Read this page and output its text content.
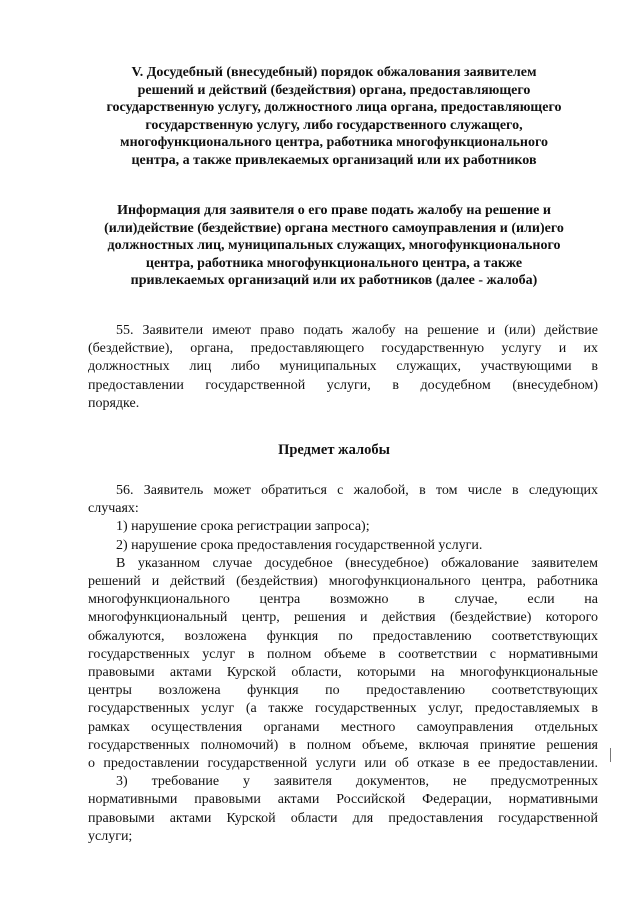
V. Досудебный (внесудебный) порядок обжалования заявителем
решений и действий (бездействия) органа, предоставляющего
государственную услугу, должностного лица органа, предоставляющего
государственную услугу, либо государственного служащего,
многофункционального центра, работника многофункционального
центра, а также привлекаемых организаций или их работников
Информация для заявителя о его праве подать жалобу на решение и
(или)действие (бездействие) органа местного самоуправления и (или)его
должностных лиц, муниципальных служащих, многофункционального
центра, работника многофункционального центра, а также
привлекаемых организаций или их работников (далее - жалоба)
55. Заявители имеют право подать жалобу на решение и (или) действие
(бездействие), органа, предоставляющего государственную услугу и их
должностных лиц либо муниципальных служащих, участвующими в
предоставлении государственной услуги, в досудебном (внесудебном)
порядке.
Предмет жалобы
56. Заявитель может обратиться с жалобой, в том числе в следующих
случаях:
1) нарушение срока регистрации запроса);
2) нарушение срока предоставления государственной услуги.
В указанном случае досудебное (внесудебное) обжалование заявителем
решений и действий (бездействия) многофункционального центра, работника
многофункционального центра возможно в случае, если на
многофункциональный центр, решения и действия (бездействие) которого
обжалуются, возложена функция по предоставлению соответствующих
государственных услуг в полном объеме в соответствии с нормативными
правовыми актами Курской области, которыми на многофункциональные
центры возложена функция по предоставлению соответствующих
государственных услуг (а также государственных услуг, предоставляемых в
рамках осуществления органами местного самоуправления отдельных
государственных полномочий) в полном объеме, включая принятие решения
о предоставлении государственной услуги или об отказе в ее предоставлении.
3) требование у заявителя документов, не предусмотренных
нормативными правовыми актами Российской Федерации, нормативными
правовыми актами Курской области для предоставления государственной
услуги;
